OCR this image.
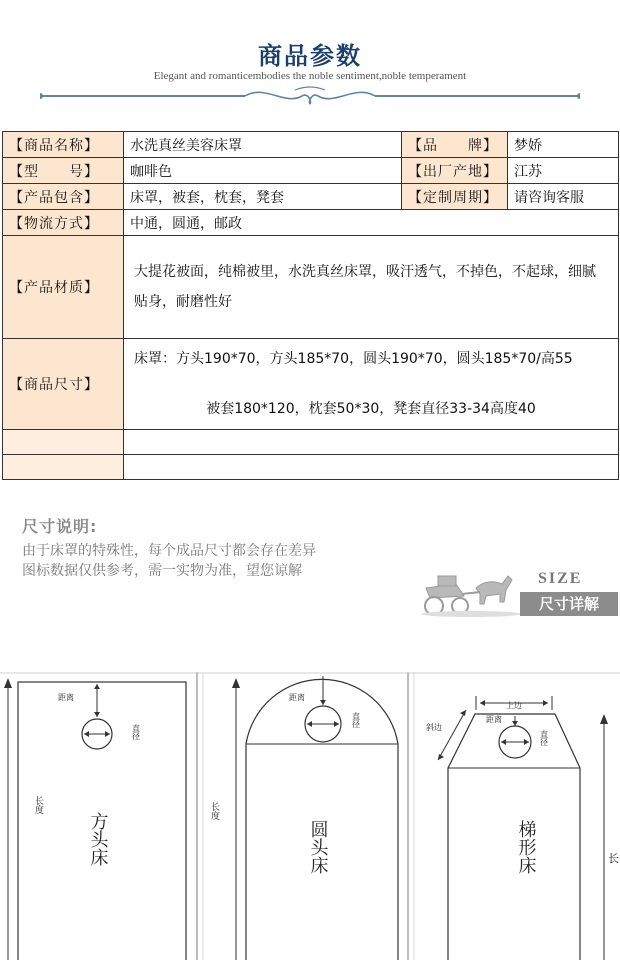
商品参数
Elegant and romanticembodies the noble sentiment,noble temperament
【商品名称】	水洗真丝美容床罩	【品　　牌】	梦娇
【型　　号】	咖啡色	【出厂产地】	江苏
【产品包含】	床罩，被套，枕套，凳套	【定制周期】	请咨询客服
【物流方式】	中通，圆通，邮政		
【产品材质】	大提花被面，纯棉被里，水洗真丝床罩，吸汗透气，不掉色，不起球，细腻贴身，耐磨性好		

【商品尺寸】	床罩：方头190*70，方头185*70，圆头190*70，圆头185*70/高55
被套180*120，枕套50*30，凳套直径33-34高度40		

尺寸说明:
由于床罩的特殊性，每个成品尺寸都会存在差异
图标数据仅供参考，需一实物为准，望您谅解	SIZE
尺寸详解
距离
直径
长度
方头床
距离
直径
长度
圆头床
上边
斜边
距离
直径
长
梯形床
